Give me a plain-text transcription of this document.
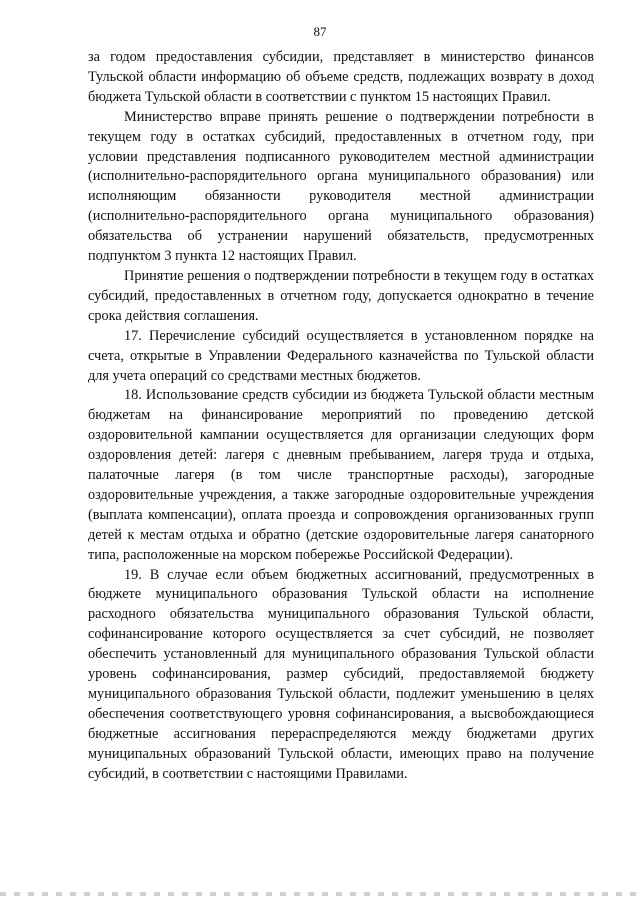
87

за годом предоставления субсидии, представляет в министерство финансов Тульской области информацию об объеме средств, подлежащих возврату в доход бюджета Тульской области в соответствии с пунктом 15 настоящих Правил.

Министерство вправе принять решение о подтверждении потребности в текущем году в остатках субсидий, предоставленных в отчетном году, при условии представления подписанного руководителем местной администрации (исполнительно-распорядительного органа муниципального образования) или исполняющим обязанности руководителя местной администрации (исполнительно-распорядительного органа муниципального образования) обязательства об устранении нарушений обязательств, предусмотренных подпунктом 3 пункта 12 настоящих Правил.

Принятие решения о подтверждении потребности в текущем году в остатках субсидий, предоставленных в отчетном году, допускается однократно в течение срока действия соглашения.

17. Перечисление субсидий осуществляется в установленном порядке на счета, открытые в Управлении Федерального казначейства по Тульской области для учета операций со средствами местных бюджетов.

18. Использование средств субсидии из бюджета Тульской области местным бюджетам на финансирование мероприятий по проведению детской оздоровительной кампании осуществляется для организации следующих форм оздоровления детей: лагеря с дневным пребыванием, лагеря труда и отдыха, палаточные лагеря (в том числе транспортные расходы), загородные оздоровительные учреждения, а также загородные оздоровительные учреждения (выплата компенсации), оплата проезда и сопровождения организованных групп детей к местам отдыха и обратно (детские оздоровительные лагеря санаторного типа, расположенные на морском побережье Российской Федерации).

19. В случае если объем бюджетных ассигнований, предусмотренных в бюджете муниципального образования Тульской области на исполнение расходного обязательства муниципального образования Тульской области, софинансирование которого осуществляется за счет субсидий, не позволяет обеспечить установленный для муниципального образования Тульской области уровень софинансирования, размер субсидий, предоставляемой бюджету муниципального образования Тульской области, подлежит уменьшению в целях обеспечения соответствующего уровня софинансирования, а высвобождающиеся бюджетные ассигнования перераспределяются между бюджетами других муниципальных образований Тульской области, имеющих право на получение субсидий, в соответствии с настоящими Правилами.
